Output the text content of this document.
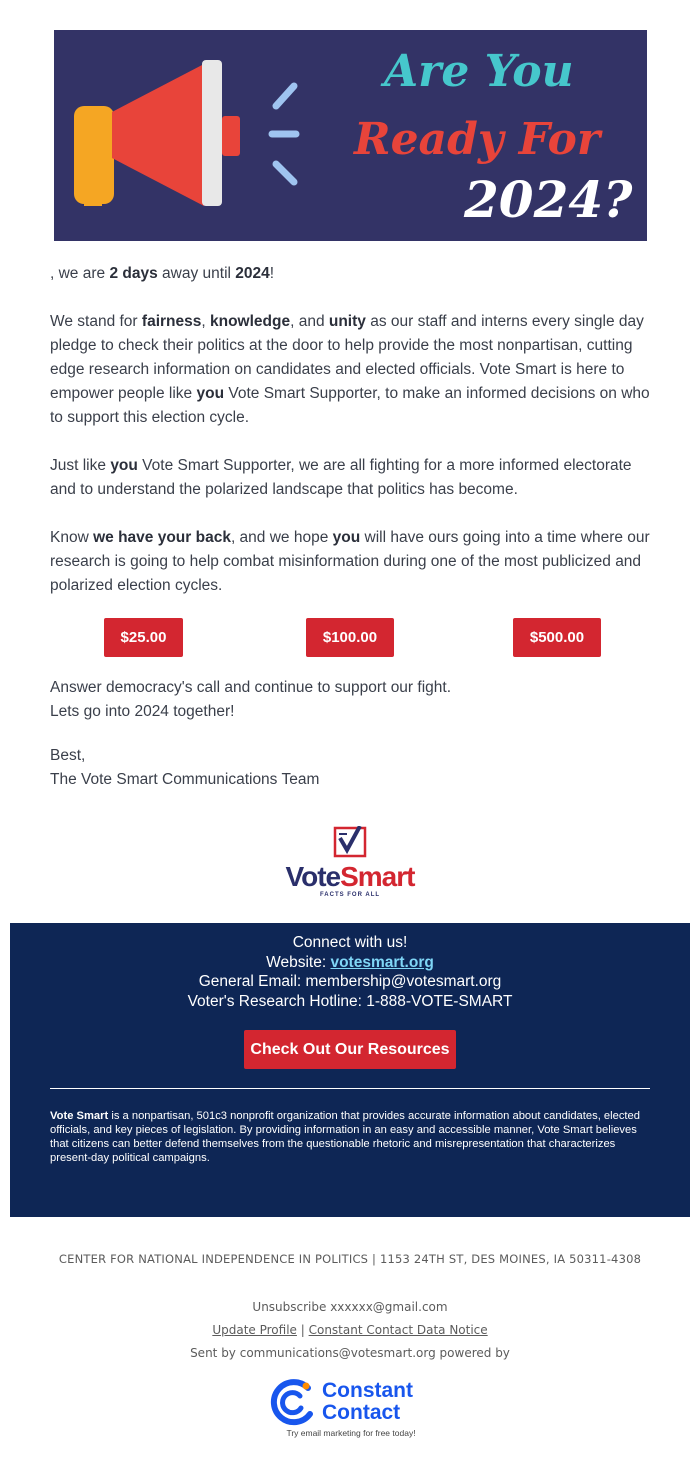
Are You
Ready For
2024?

, we are 2 days away until 2024!

We stand for fairness, knowledge, and unity as our staff and interns every single day pledge to check their politics at the door to help provide the most nonpartisan, cutting edge research information on candidates and elected officials. Vote Smart is here to empower people like you Vote Smart Supporter, to make an informed decisions on who to support this election cycle.

Just like you Vote Smart Supporter, we are all fighting for a more informed electorate and to understand the polarized landscape that politics has become.

Know we have your back, and we hope you will have ours going into a time where our research is going to help combat misinformation during one of the most publicized and polarized election cycles.

$25.00	$100.00	$500.00

Answer democracy's call and continue to support our fight.
Lets go into 2024 together!

Best,
The Vote Smart Communications Team

VoteSmart
FACTS FOR ALL
Connect with us!
Website: votesmart.org
General Email: membership@votesmart.org
Voter's Research Hotline: 1-888-VOTE-SMART
Check Out Our Resources

Vote Smart is a nonpartisan, 501c3 nonprofit organization that provides accurate information about candidates, elected officials, and key pieces of legislation. By providing information in an easy and accessible manner, Vote Smart believes that citizens can better defend themselves from the questionable rhetoric and misrepresentation that characterizes present-day political campaigns.

CENTER FOR NATIONAL INDEPENDENCE IN POLITICS | 1153 24TH ST, DES MOINES, IA 50311-4308
Unsubscribe xxxxxx@gmail.com
Update Profile | Constant Contact Data Notice
Sent by communications@votesmart.org powered by
Constant
Contact
Try email marketing for free today!
